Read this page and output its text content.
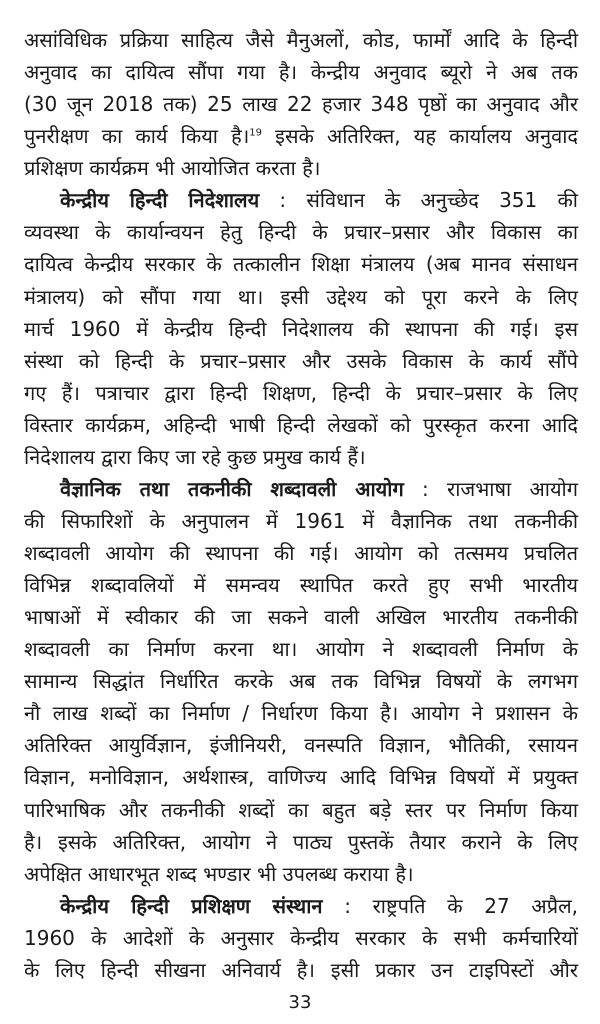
असांविधिक प्रक्रिया साहित्य जैसे मैनुअलों, कोड, फार्मों आदि के हिन्दी
अनुवाद का दायित्व सौंपा गया है। केन्द्रीय अनुवाद ब्यूरो ने अब तक
(30 जून 2018 तक) 25 लाख 22 हजार 348 पृष्ठों का अनुवाद और
पुनरीक्षण का कार्य किया है।$^{19}$ इसके अतिरिक्त, यह कार्यालय अनुवाद
प्रशिक्षण कार्यक्रम भी आयोजित करता है।
केन्द्रीय हिन्दी निदेशालय : संविधान के अनुच्छेद 351 की
व्यवस्था के कार्यान्वयन हेतु हिन्दी के प्रचार–प्रसार और विकास का
दायित्व केन्द्रीय सरकार के तत्कालीन शिक्षा मंत्रालय (अब मानव संसाधन
मंत्रालय) को सौंपा गया था। इसी उद्देश्य को पूरा करने के लिए
मार्च 1960 में केन्द्रीय हिन्दी निदेशालय की स्थापना की गई। इस
संस्था को हिन्दी के प्रचार–प्रसार और उसके विकास के कार्य सौंपे
गए हैं। पत्राचार द्वारा हिन्दी शिक्षण, हिन्दी के प्रचार–प्रसार के लिए
विस्तार कार्यक्रम, अहिन्दी भाषी हिन्दी लेखकों को पुरस्कृत करना आदि
निदेशालय द्वारा किए जा रहे कुछ प्रमुख कार्य हैं।
वैज्ञानिक तथा तकनीकी शब्दावली आयोग : राजभाषा आयोग
की सिफारिशों के अनुपालन में 1961 में वैज्ञानिक तथा तकनीकी
शब्दावली आयोग की स्थापना की गई। आयोग को तत्समय प्रचलित
विभिन्न शब्दावलियों में समन्वय स्थापित करते हुए सभी भारतीय
भाषाओं में स्वीकार की जा सकने वाली अखिल भारतीय तकनीकी
शब्दावली का निर्माण करना था। आयोग ने शब्दावली निर्माण के
सामान्य सिद्धांत निर्धारित करके अब तक विभिन्न विषयों के लगभग
नौ लाख शब्दों का निर्माण / निर्धारण किया है। आयोग ने प्रशासन के
अतिरिक्त आयुर्विज्ञान, इंजीनियरी, वनस्पति विज्ञान, भौतिकी, रसायन
विज्ञान, मनोविज्ञान, अर्थशास्त्र, वाणिज्य आदि विभिन्न विषयों में प्रयुक्त
पारिभाषिक और तकनीकी शब्दों का बहुत बड़े स्तर पर निर्माण किया
है। इसके अतिरिक्त, आयोग ने पाठ्य पुस्तकें तैयार कराने के लिए
अपेक्षित आधारभूत शब्द भण्डार भी उपलब्ध कराया है।
केन्द्रीय हिन्दी प्रशिक्षण संस्थान : राष्ट्रपति के 27 अप्रैल,
1960 के आदेशों के अनुसार केन्द्रीय सरकार के सभी कर्मचारियों
के लिए हिन्दी सीखना अनिवार्य है। इसी प्रकार उन टाइपिस्टों और
33
